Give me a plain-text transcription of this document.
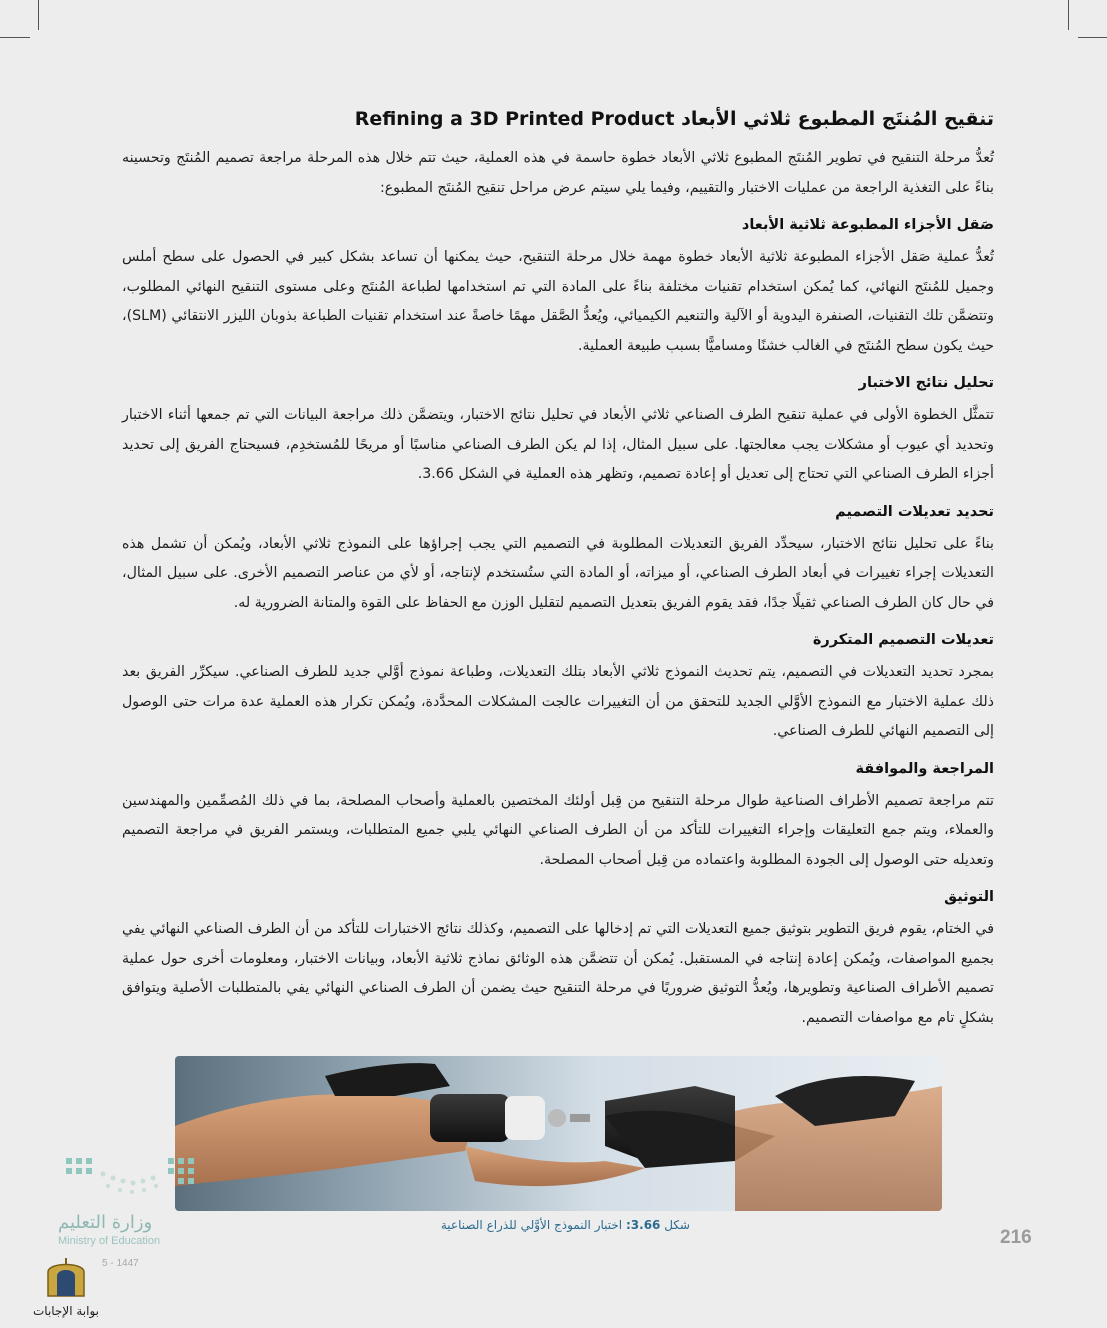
تنقيح المُنتَج المطبوع ثلاثي الأبعاد Refining a 3D Printed Product

تُعدُّ مرحلة التنقيح في تطوير المُنتَج المطبوع ثلاثي الأبعاد خطوة حاسمة في هذه العملية، حيث تتم خلال هذه المرحلة مراجعة تصميم المُنتَج وتحسينه بناءً على التغذية الراجعة من عمليات الاختبار والتقييم، وفيما يلي سيتم عرض مراحل تنقيح المُنتَج المطبوع:

صَقل الأجزاء المطبوعة ثلاثية الأبعاد

تُعدُّ عملية صَقل الأجزاء المطبوعة ثلاثية الأبعاد خطوة مهمة خلال مرحلة التنقيح، حيث يمكنها أن تساعد بشكل كبير في الحصول على سطح أملس وجميل للمُنتَج النهائي، كما يُمكن استخدام تقنيات مختلفة بناءً على المادة التي تم استخدامها لطباعة المُنتَج وعلى مستوى التنقيح النهائي المطلوب، وتتضمَّن تلك التقنيات، الصنفرة اليدوية أو الآلية والتنعيم الكيميائي، ويُعدُّ الصَّقل مهمًا خاصةً عند استخدام تقنيات الطباعة بذوبان الليزر الانتقائي (SLM)، حيث يكون سطح المُنتَج في الغالب خشنًا ومساميًّا بسبب طبيعة العملية.

تحليل نتائج الاختبار

تتمثَّل الخطوة الأولى في عملية تنقيح الطرف الصناعي ثلاثي الأبعاد في تحليل نتائج الاختبار، ويتضمَّن ذلك مراجعة البيانات التي تم جمعها أثناء الاختبار وتحديد أي عيوب أو مشكلات يجب معالجتها. على سبيل المثال، إذا لم يكن الطرف الصناعي مناسبًا أو مريحًا للمُستخدِم، فسيحتاج الفريق إلى تحديد أجزاء الطرف الصناعي التي تحتاج إلى تعديل أو إعادة تصميم، وتظهر هذه العملية في الشكل 3.66.

تحديد تعديلات التصميم

بناءً على تحليل نتائج الاختبار، سيحدِّد الفريق التعديلات المطلوبة في التصميم التي يجب إجراؤها على النموذج ثلاثي الأبعاد، ويُمكن أن تشمل هذه التعديلات إجراء تغييرات في أبعاد الطرف الصناعي، أو ميزاته، أو المادة التي ستُستخدم لإنتاجه، أو لأي من عناصر التصميم الأخرى. على سبيل المثال، في حال كان الطرف الصناعي ثقيلًا جدًا، فقد يقوم الفريق بتعديل التصميم لتقليل الوزن مع الحفاظ على القوة والمتانة الضرورية له.

تعديلات التصميم المتكررة

بمجرد تحديد التعديلات في التصميم، يتم تحديث النموذج ثلاثي الأبعاد بتلك التعديلات، وطباعة نموذج أوَّلي جديد للطرف الصناعي. سيكرِّر الفريق بعد ذلك عملية الاختبار مع النموذج الأوَّلي الجديد للتحقق من أن التغييرات عالجت المشكلات المحدَّدة، ويُمكن تكرار هذه العملية عدة مرات حتى الوصول إلى التصميم النهائي للطرف الصناعي.

المراجعة والموافقة

تتم مراجعة تصميم الأطراف الصناعية طوال مرحلة التنقيح من قِبل أولئك المختصين بالعملية وأصحاب المصلحة، بما في ذلك المُصمِّمين والمهندسين والعملاء، ويتم جمع التعليقات وإجراء التغييرات للتأكد من أن الطرف الصناعي النهائي يلبي جميع المتطلبات، ويستمر الفريق في مراجعة التصميم وتعديله حتى الوصول إلى الجودة المطلوبة واعتماده من قِبل أصحاب المصلحة.

التوثيق

في الختام، يقوم فريق التطوير بتوثيق جميع التعديلات التي تم إدخالها على التصميم، وكذلك نتائج الاختبارات للتأكد من أن الطرف الصناعي النهائي يفي بجميع المواصفات، ويُمكن إعادة إنتاجه في المستقبل. يُمكن أن تتضمَّن هذه الوثائق نماذج ثلاثية الأبعاد، وبيانات الاختبار، ومعلومات أخرى حول عملية تصميم الأطراف الصناعية وتطويرها، ويُعدُّ التوثيق ضروريًا في مرحلة التنقيح حيث يضمن أن الطرف الصناعي النهائي يفي بالمتطلبات الأصلية ويتوافق بشكلٍ تام مع مواصفات التصميم.

شكل 3.66: اختبار النموذج الأوَّلي للذراع الصناعية
216
وزارة التعليم
Ministry of Education
5 - 1447
بوابة الإجابات
